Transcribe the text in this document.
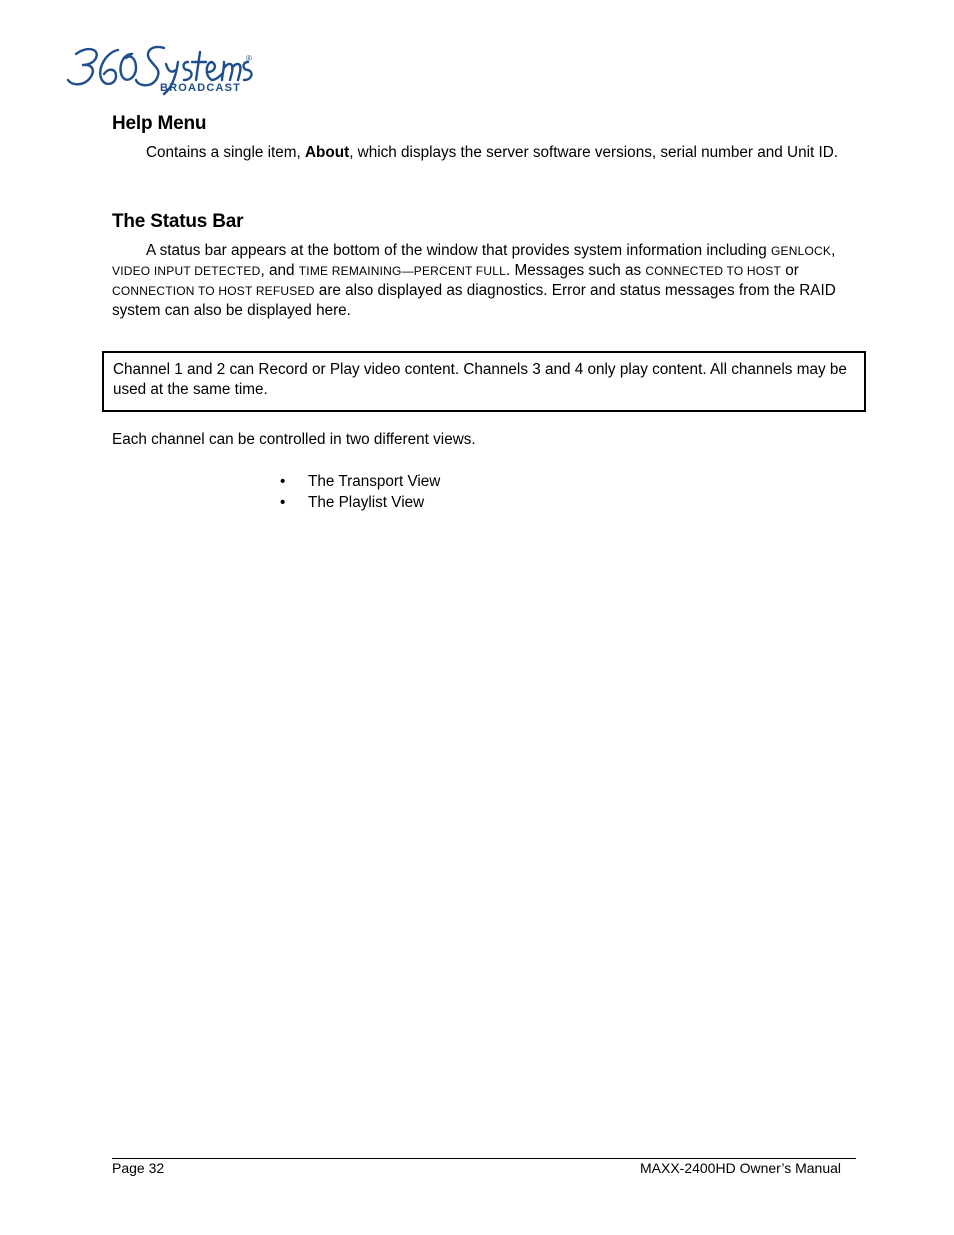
®
BROADCAST
Help Menu

Contains a single item, About, which displays the server software versions, serial number and Unit ID.

The Status Bar

A status bar appears at the bottom of the window that provides system information including GENLOCK, VIDEO INPUT DETECTED, and TIME REMAINING—PERCENT FULL. Messages such as CONNECTED TO HOST or CONNECTION TO HOST REFUSED are also displayed as diagnostics. Error and status messages from the RAID system can also be displayed here.

Channel 1 and 2 can Record or Play video content. Channels 3 and 4 only play content. All channels may be used at the same time.

Each channel can be controlled in two different views.

• The Transport View
• The Playlist View
Page 32	MAXX-2400HD Owner’s Manual
